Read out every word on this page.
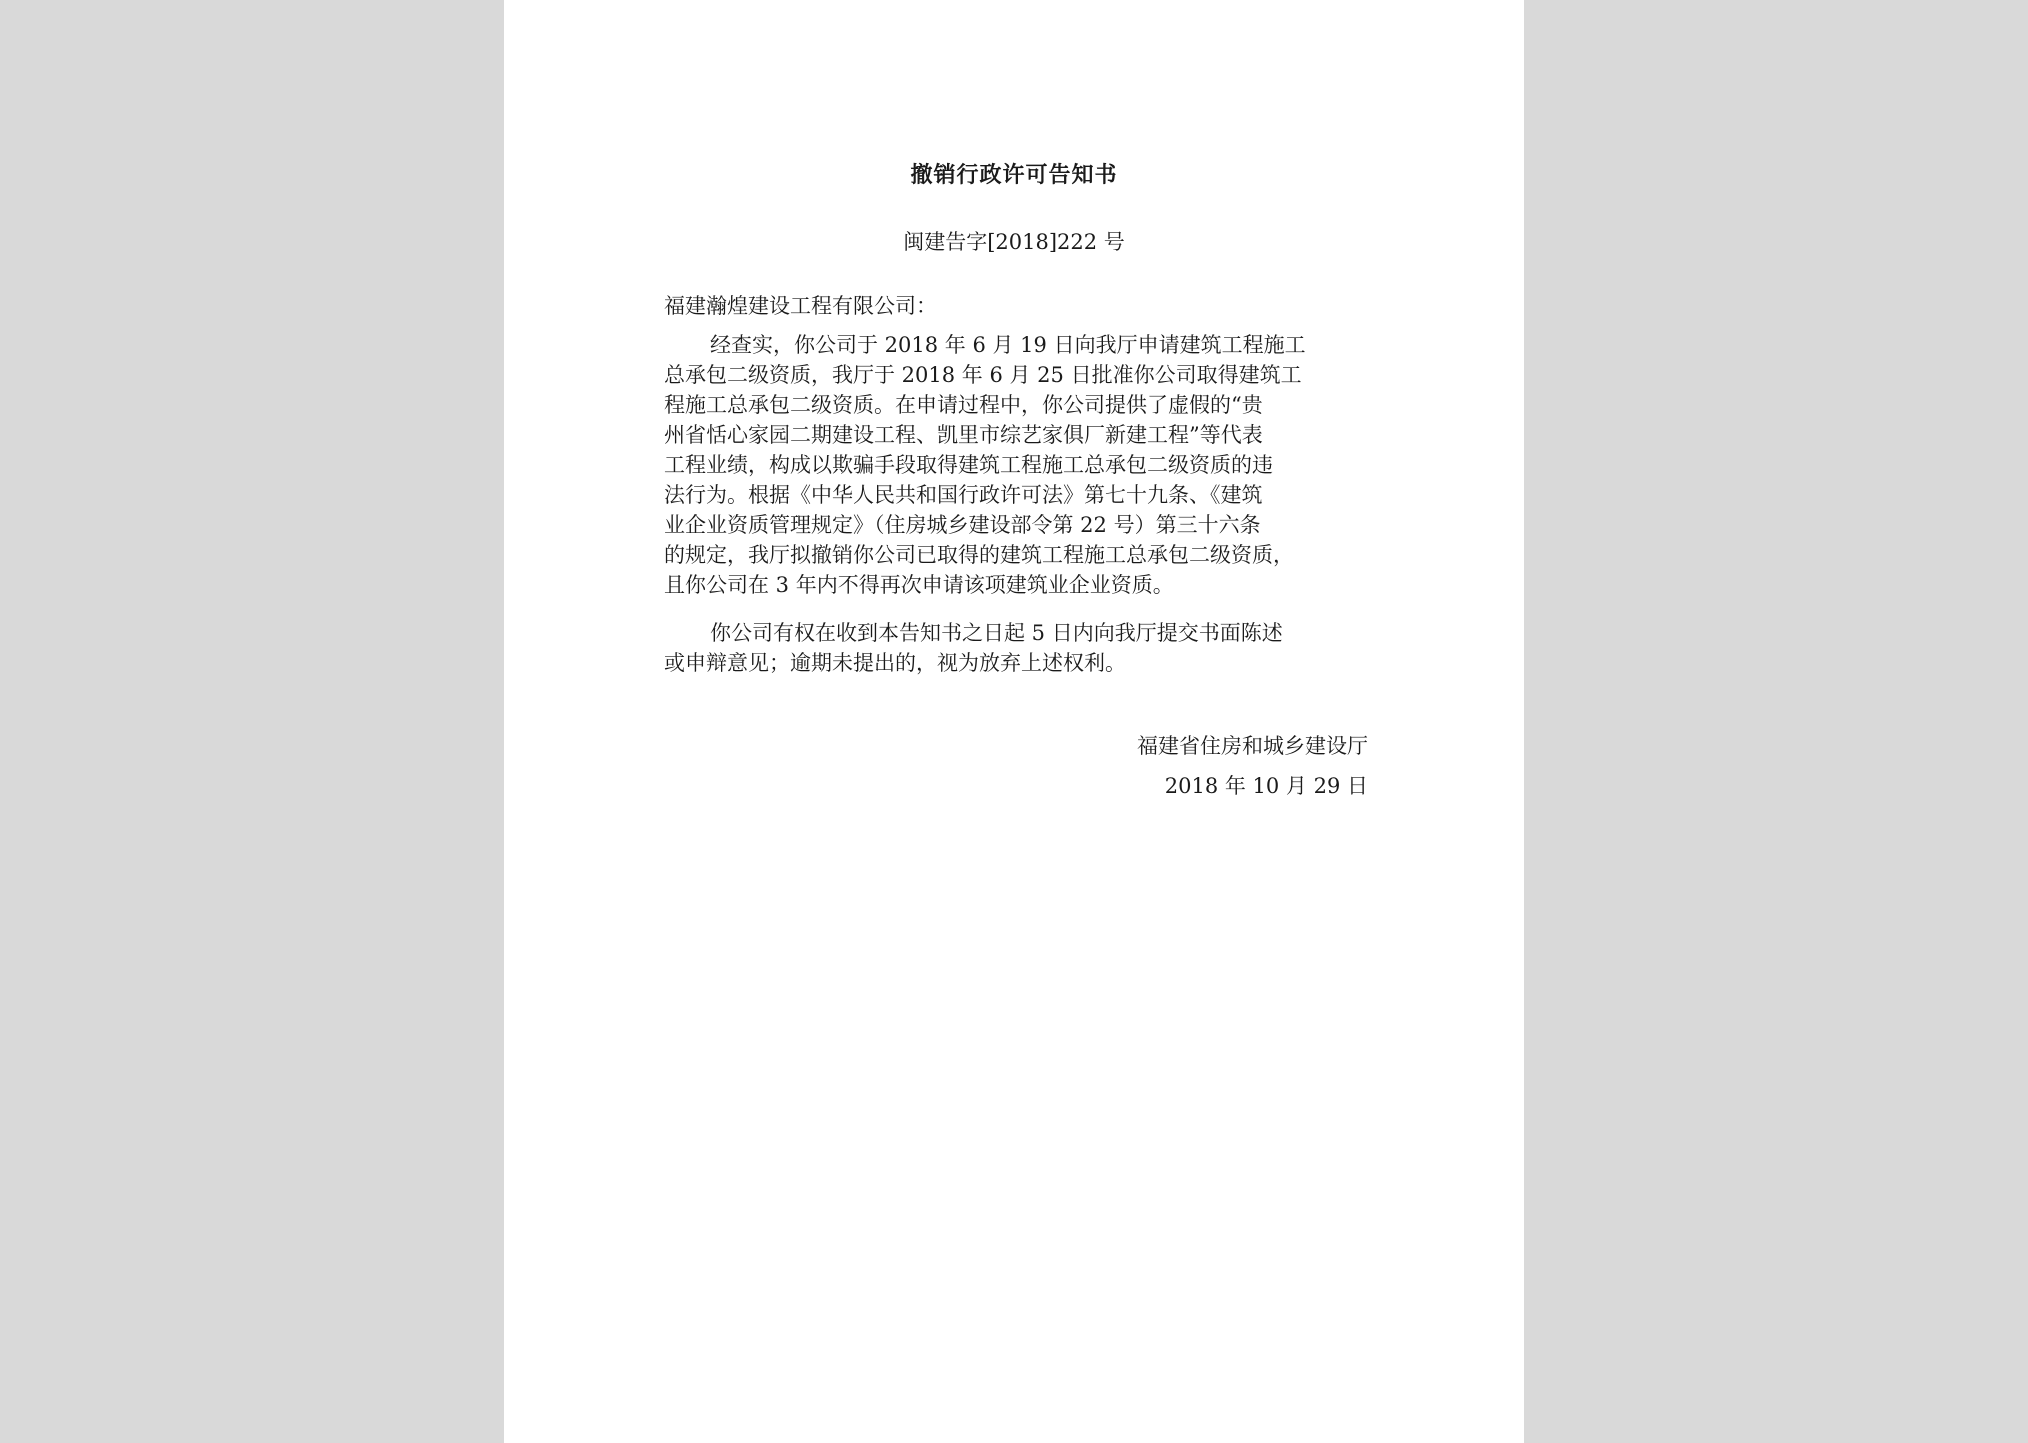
撤销行政许可告知书
闽建告字[2018]222 号
福建瀚煌建设工程有限公司：
经查实，你公司于 2018 年 6 月 19 日向我厅申请建筑工程施工
总承包二级资质，我厅于 2018 年 6 月 25 日批准你公司取得建筑工
程施工总承包二级资质。在申请过程中，你公司提供了虚假的“贵
州省恬心家园二期建设工程、凯里市综艺家俱厂新建工程”等代表
工程业绩，构成以欺骗手段取得建筑工程施工总承包二级资质的违
法行为。根据《中华人民共和国行政许可法》第七十九条、《建筑
业企业资质管理规定》（住房城乡建设部令第 22 号）第三十六条
的规定，我厅拟撤销你公司已取得的建筑工程施工总承包二级资质，
且你公司在 3 年内不得再次申请该项建筑业企业资质。
你公司有权在收到本告知书之日起 5 日内向我厅提交书面陈述
或申辩意见；逾期未提出的，视为放弃上述权利。
福建省住房和城乡建设厅
2018 年 10 月 29 日
